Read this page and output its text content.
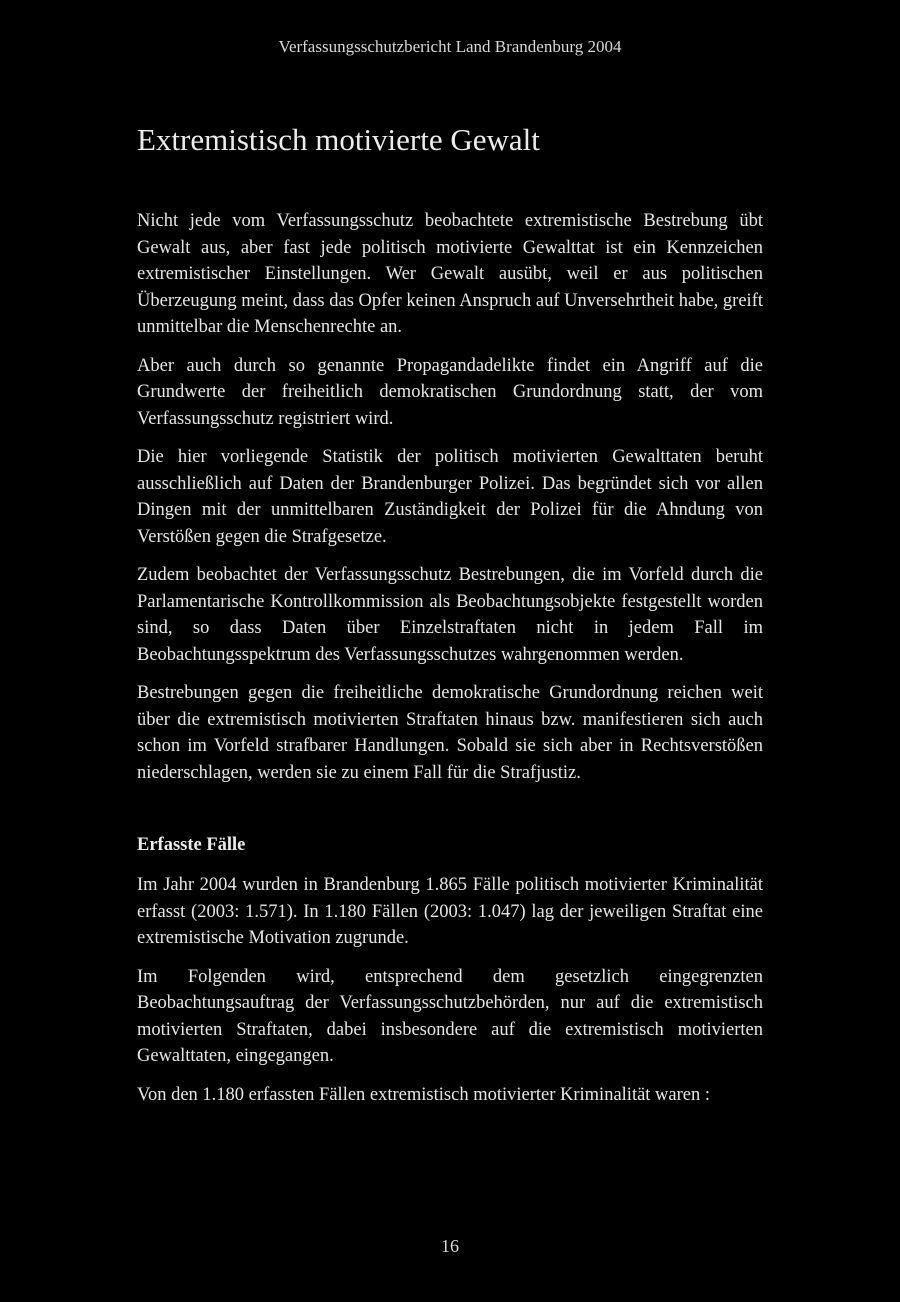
Verfassungsschutzbericht Land Brandenburg 2004
Extremistisch motivierte Gewalt

Nicht jede vom Verfassungsschutz beobachtete extremistische Bestrebung übt Gewalt aus, aber fast jede politisch motivierte Gewalttat ist ein Kennzeichen extremistischer Einstellungen. Wer Gewalt ausübt, weil er aus politischen Überzeugung meint, dass das Opfer keinen Anspruch auf Unversehrtheit habe, greift unmittelbar die Menschenrechte an.

Aber auch durch so genannte Propagandadelikte findet ein Angriff auf die Grundwerte der freiheitlich demokratischen Grundordnung statt, der vom Verfassungsschutz registriert wird.

Die hier vorliegende Statistik der politisch motivierten Gewalttaten beruht ausschließlich auf Daten der Brandenburger Polizei. Das begründet sich vor allen Dingen mit der unmittelbaren Zuständigkeit der Polizei für die Ahndung von Verstößen gegen die Strafgesetze.

Zudem beobachtet der Verfassungsschutz Bestrebungen, die im Vorfeld durch die Parlamentarische Kontrollkommission als Beobachtungsobjekte festgestellt worden sind, so dass Daten über Einzelstraftaten nicht in jedem Fall im Beobachtungsspektrum des Verfassungsschutzes wahrgenommen werden.

Bestrebungen gegen die freiheitliche demokratische Grundordnung reichen weit über die extremistisch motivierten Straftaten hinaus bzw. manifestieren sich auch schon im Vorfeld strafbarer Handlungen. Sobald sie sich aber in Rechtsverstößen niederschlagen, werden sie zu einem Fall für die Strafjustiz.

Erfasste Fälle

Im Jahr 2004 wurden in Brandenburg 1.865 Fälle politisch motivierter Kriminalität erfasst (2003: 1.571). In 1.180 Fällen (2003: 1.047) lag der jeweiligen Straftat eine extremistische Motivation zugrunde.

Im Folgenden wird, entsprechend dem gesetzlich eingegrenzten Beobachtungsauftrag der Verfassungsschutzbehörden, nur auf die extremistisch motivierten Straftaten, dabei insbesondere auf die extremistisch motivierten Gewalttaten, eingegangen.

Von den 1.180 erfassten Fällen extremistisch motivierter Kriminalität waren :

16
